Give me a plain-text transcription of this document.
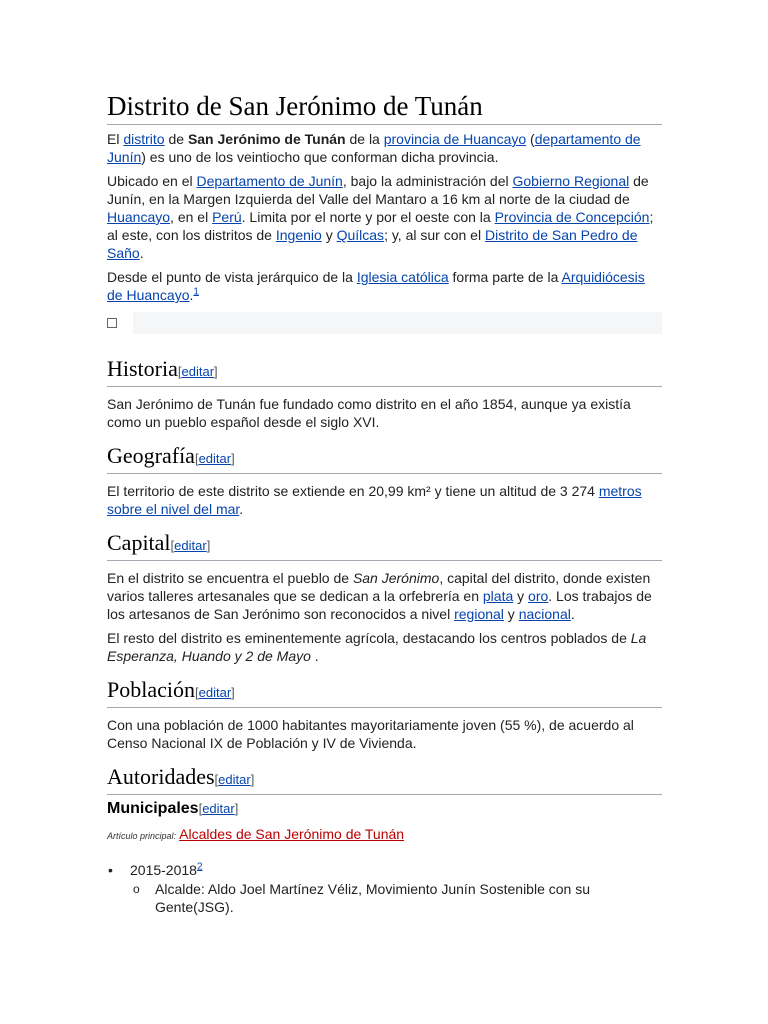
Distrito de San Jerónimo de Tunán

El distrito de San Jerónimo de Tunán de la provincia de Huancayo (departamento de Junín) es uno de los veintiocho que conforman dicha provincia.

Ubicado en el Departamento de Junín, bajo la administración del Gobierno Regional de Junín, en la Margen Izquierda del Valle del Mantaro a 16 km al norte de la ciudad de Huancayo, en el Perú. Limita por el norte y por el oeste con la Provincia de Concepción; al este, con los distritos de Ingenio y Quílcas; y, al sur con el Distrito de San Pedro de Saño.

Desde el punto de vista jerárquico de la Iglesia católica forma parte de la Arquidiócesis de Huancayo.$^1$

Historia[editar]

San Jerónimo de Tunán fue fundado como distrito en el año 1854, aunque ya existía como un pueblo español desde el siglo XVI.

Geografía[editar]

El territorio de este distrito se extiende en 20,99 km² y tiene un altitud de 3 274 metros sobre el nivel del mar.

Capital[editar]

En el distrito se encuentra el pueblo de San Jerónimo, capital del distrito, donde existen varios talleres artesanales que se dedican a la orfebrería en plata y oro. Los trabajos de los artesanos de San Jerónimo son reconocidos a nivel regional y nacional.

El resto del distrito es eminentemente agrícola, destacando los centros poblados de La Esperanza, Huando y 2 de Mayo .

Población[editar]

Con una población de 1000 habitantes mayoritariamente joven (55 %), de acuerdo al Censo Nacional IX de Población y IV de Vivienda.

Autoridades[editar]
Municipales[editar]
Artículo principal: Alcaldes de San Jerónimo de Tunán
• 2015-2018$^2$
o Alcalde: Aldo Joel Martínez Véliz, Movimiento Junín Sostenible con su Gente(JSG).
